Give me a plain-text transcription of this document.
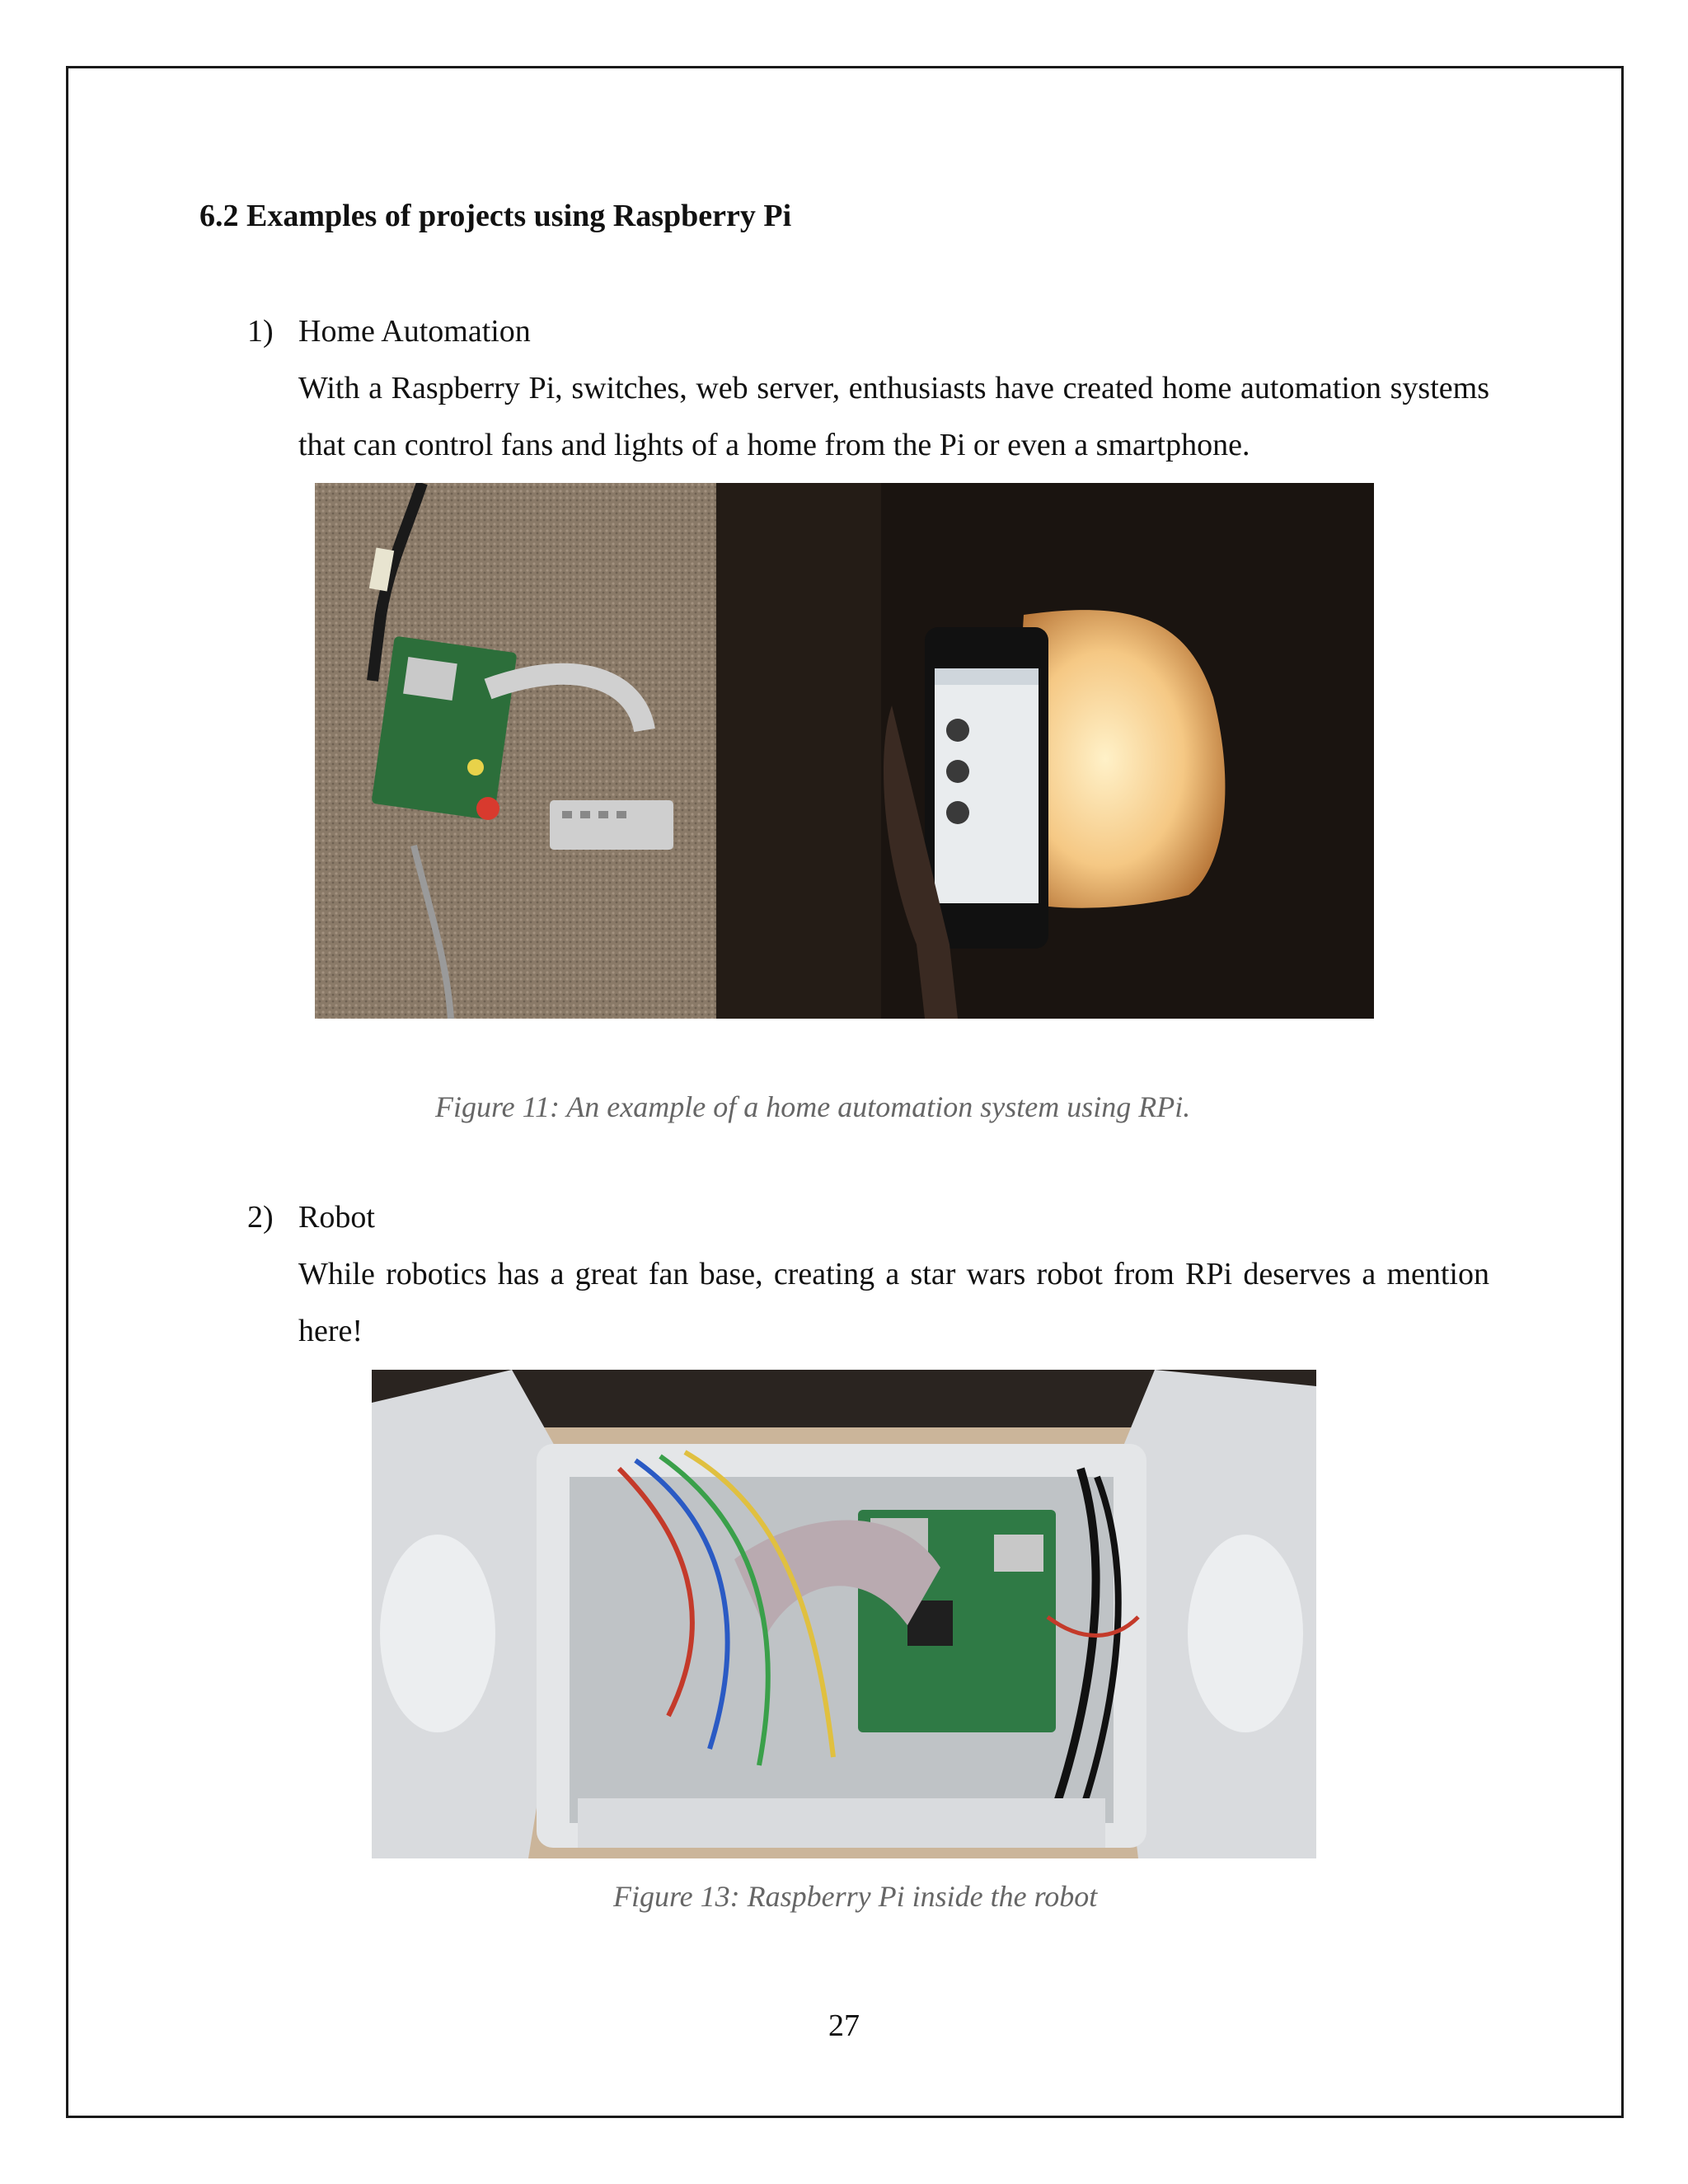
6.2 Examples of projects using Raspberry Pi
1) Home Automation

With a Raspberry Pi, switches, web server, enthusiasts have created home automation systems that can control fans and lights of a home from the Pi or even a smartphone.

Figure 11: An example of a home automation system using RPi.
2) Robot

While robotics has a great fan base, creating a star wars robot from RPi deserves a mention here!

Figure 13: Raspberry Pi inside the robot
27
